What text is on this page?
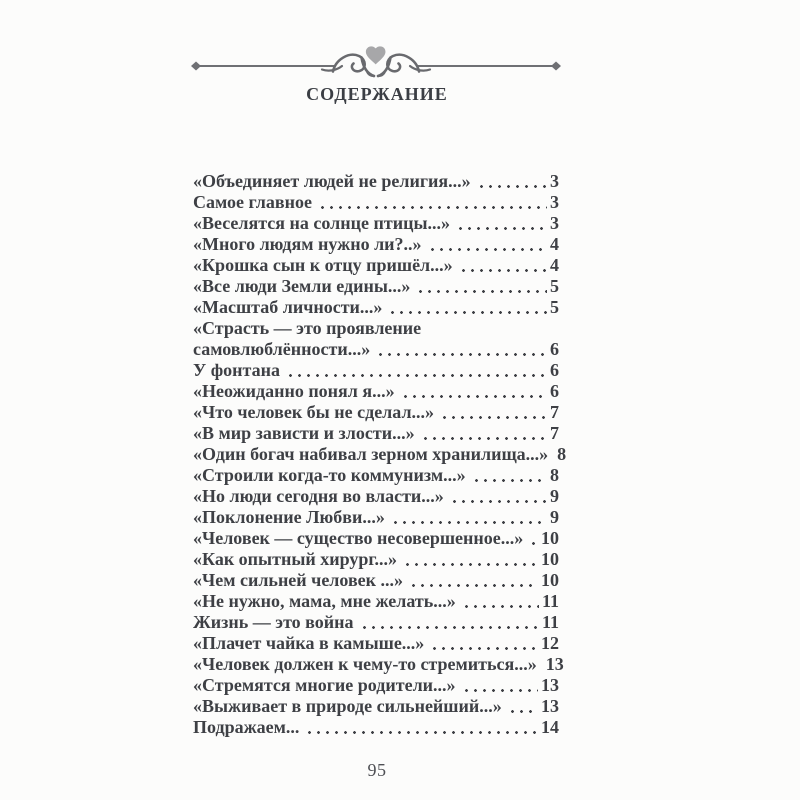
СОДЕРЖАНИЕ
«Объединяет людей не религия...»	3
Самое главное	3
«Веселятся на солнце птицы...»	3
«Много людям нужно ли?..»	4
«Крошка сын к отцу пришёл...»	4
«Все люди Земли едины...»	5
«Масштаб личности...»	5
«Страсть — это проявление
самовлюблённости...»	6
У фонтана	6
«Неожиданно понял я...»	6
«Что человек бы не сделал...»	7
«В мир зависти и злости...»	7
«Один богач набивал зерном хранилища...» 8
«Строили когда-то коммунизм...»	8
«Но люди сегодня во власти...»	9
«Поклонение Любви...»	9
«Человек — существо несовершенное...» 10
«Как опытный хирург...»	10
«Чем сильней человек ...»	10
«Не нужно, мама, мне желать...»	11
Жизнь — это война	11
«Плачет чайка в камыше...»	12
«Человек должен к чему-то стремиться...» 13
«Стремятся многие родители...»	13
«Выживает в природе сильнейший...» 13
Подражаем...	14
95
